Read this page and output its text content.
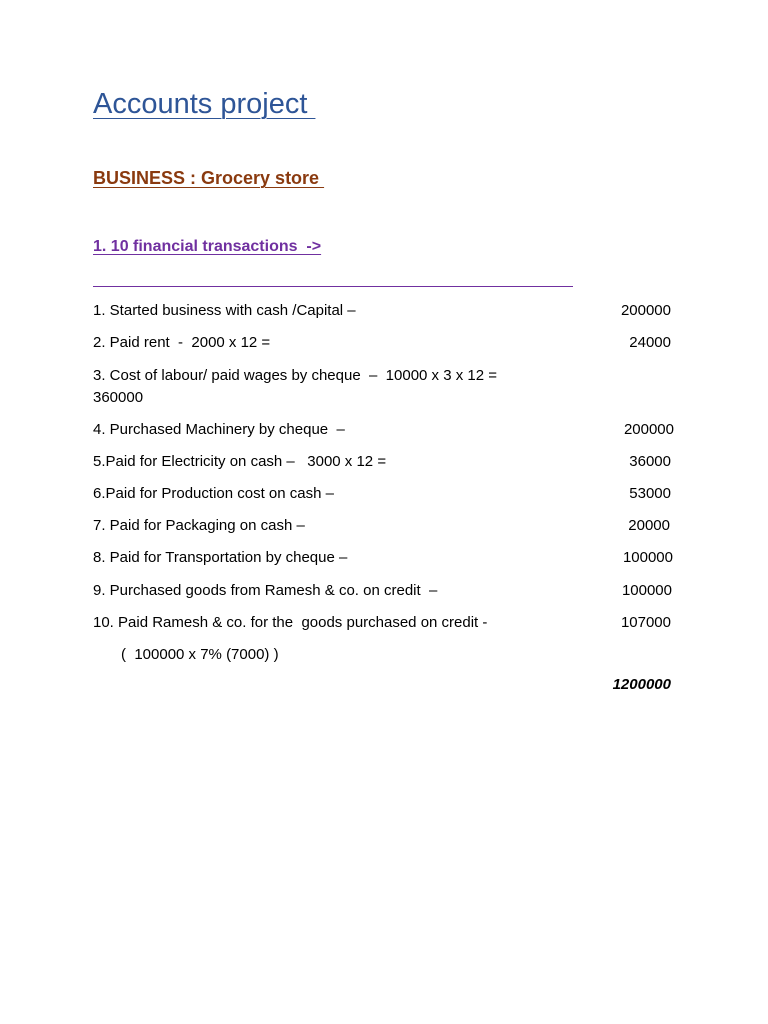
Accounts project
BUSINESS : Grocery store
1. 10 financial transactions  ->
1. Started business with cash /Capital –	200000
2. Paid rent  -  2000 x 12 =	24000
3. Cost of labour/ paid wages by cheque  –  10000 x 3 x 12 =
360000
4. Purchased Machinery by cheque  –	200000
5.Paid for Electricity on cash –   3000 x 12 =	36000
6.Paid for Production cost on cash –	53000
7. Paid for Packaging on cash –	20000
8. Paid for Transportation by cheque –	100000
9. Purchased goods from Ramesh & co. on credit  –	100000
10. Paid Ramesh & co. for the  goods purchased on credit -	107000
(  100000 x 7% (7000) )
1200000
